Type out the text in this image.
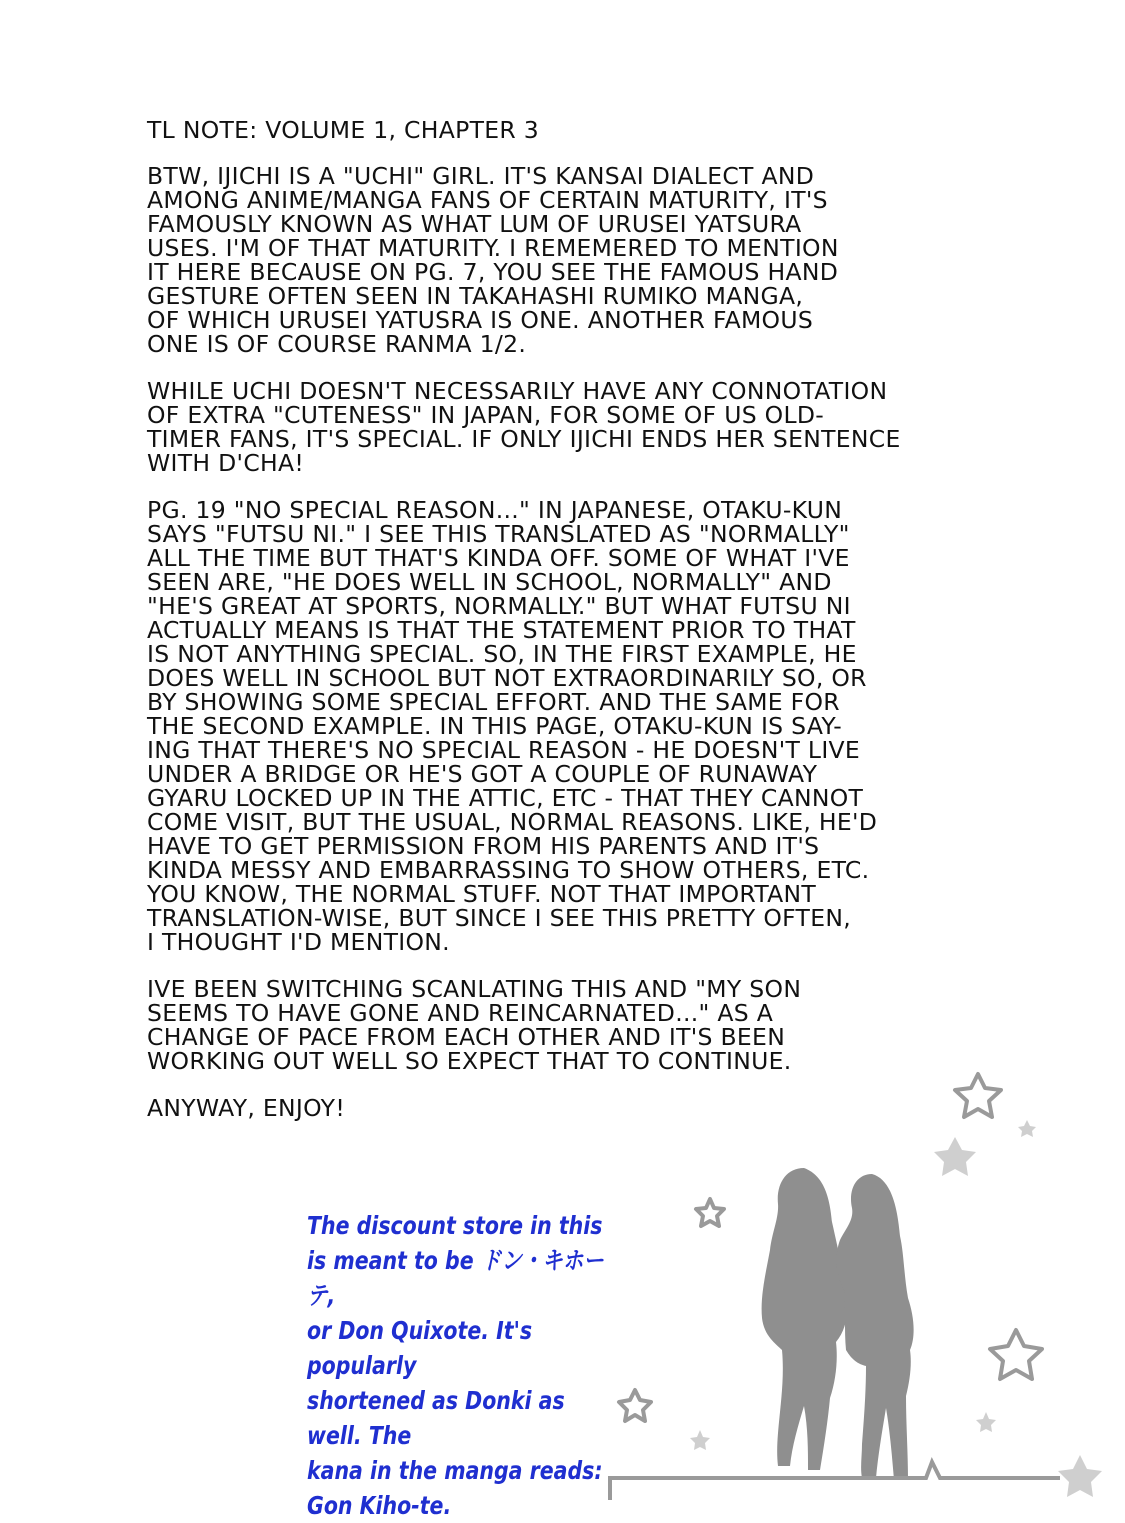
TL NOTE: VOLUME 1, CHAPTER 3

BTW, IJICHI IS A "UCHI" GIRL. IT'S KANSAI DIALECT AND
AMONG ANIME/MANGA FANS OF CERTAIN MATURITY, IT'S
FAMOUSLY KNOWN AS WHAT LUM OF URUSEI YATSURA
USES. I'M OF THAT MATURITY. I REMEMERED TO MENTION
IT HERE BECAUSE ON PG. 7, YOU SEE THE FAMOUS HAND
GESTURE OFTEN SEEN IN TAKAHASHI RUMIKO MANGA,
OF WHICH URUSEI YATUSRA IS ONE. ANOTHER FAMOUS
ONE IS OF COURSE RANMA 1/2.

WHILE UCHI DOESN'T NECESSARILY HAVE ANY CONNOTATION
OF EXTRA "CUTENESS" IN JAPAN, FOR SOME OF US OLD-
TIMER FANS, IT'S SPECIAL. IF ONLY IJICHI ENDS HER SENTENCE
WITH D'CHA!

PG. 19 "NO SPECIAL REASON..." IN JAPANESE, OTAKU-KUN
SAYS "FUTSU NI." I SEE THIS TRANSLATED AS "NORMALLY"
ALL THE TIME BUT THAT'S KINDA OFF. SOME OF WHAT I'VE
SEEN ARE, "HE DOES WELL IN SCHOOL, NORMALLY" AND
"HE'S GREAT AT SPORTS, NORMALLY." BUT WHAT FUTSU NI
ACTUALLY MEANS IS THAT THE STATEMENT PRIOR TO THAT
IS NOT ANYTHING SPECIAL. SO, IN THE FIRST EXAMPLE, HE
DOES WELL IN SCHOOL BUT NOT EXTRAORDINARILY SO, OR
BY SHOWING SOME SPECIAL EFFORT. AND THE SAME FOR
THE SECOND EXAMPLE. IN THIS PAGE, OTAKU-KUN IS SAY-
ING THAT THERE'S NO SPECIAL REASON - HE DOESN'T LIVE
UNDER A BRIDGE OR HE'S GOT A COUPLE OF RUNAWAY
GYARU LOCKED UP IN THE ATTIC, ETC - THAT THEY CANNOT
COME VISIT, BUT THE USUAL, NORMAL REASONS. LIKE, HE'D
HAVE TO GET PERMISSION FROM HIS PARENTS AND IT'S
KINDA MESSY AND EMBARRASSING TO SHOW OTHERS, ETC.
YOU KNOW, THE NORMAL STUFF. NOT THAT IMPORTANT
TRANSLATION-WISE, BUT SINCE I SEE THIS PRETTY OFTEN,
I THOUGHT I'D MENTION.

IVE BEEN SWITCHING SCANLATING THIS AND "MY SON
SEEMS TO HAVE GONE AND REINCARNATED..." AS A
CHANGE OF PACE FROM EACH OTHER AND IT'S BEEN
WORKING OUT WELL SO EXPECT THAT TO CONTINUE.

ANYWAY, ENJOY!

The discount store in this
is meant to be ドン・キホーテ,
or Don Quixote. It's popularly
shortened as Donki as well. The
kana in the manga reads:
Gon Kiho-te.
